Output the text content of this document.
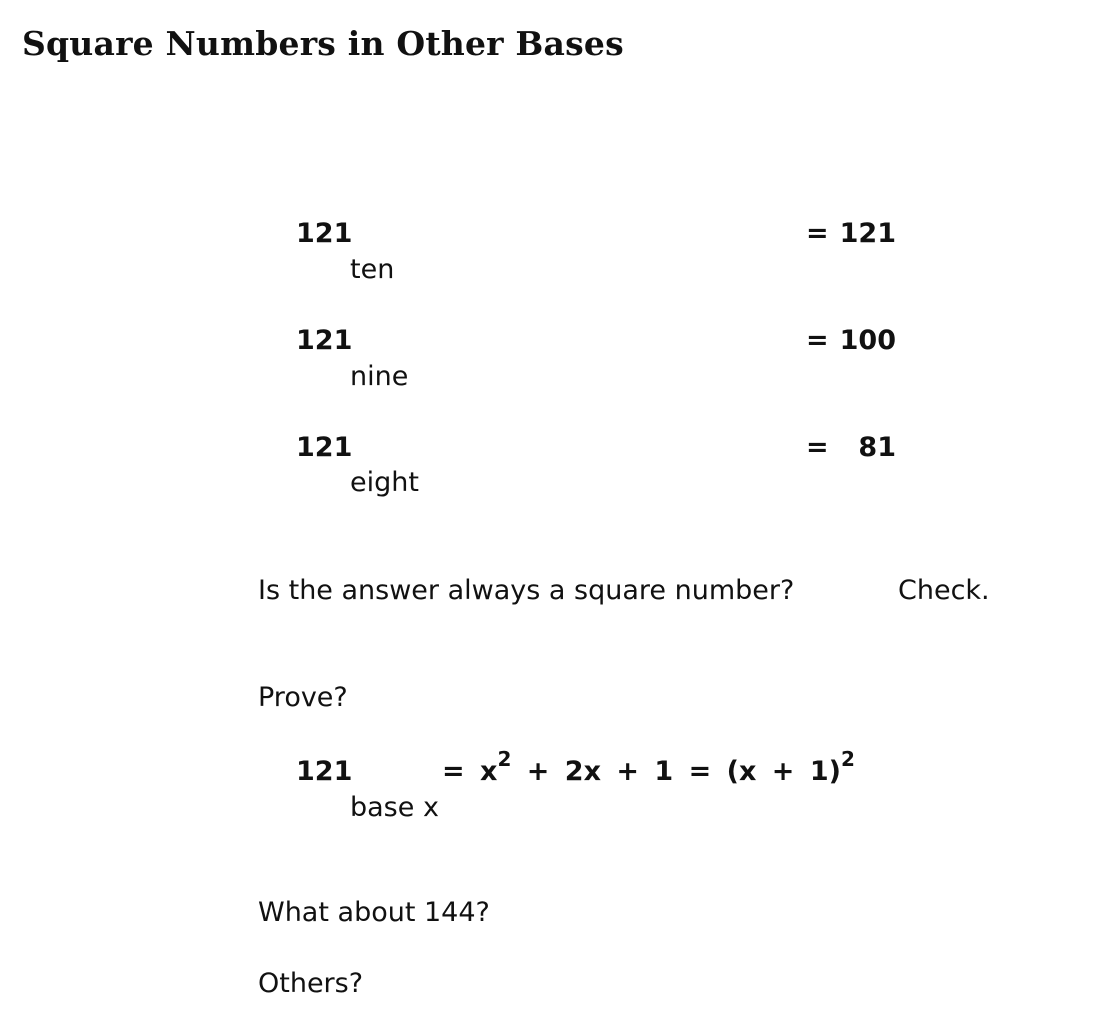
Square Numbers in Other Bases
121
ten
= 121
121
nine
= 100
121
eight
=	81
Is the answer always a square number?	Check.
Prove?
121
base x
= $x^2 + 2x + 1 = (x + 1)^2$
What about 144?
Others?
